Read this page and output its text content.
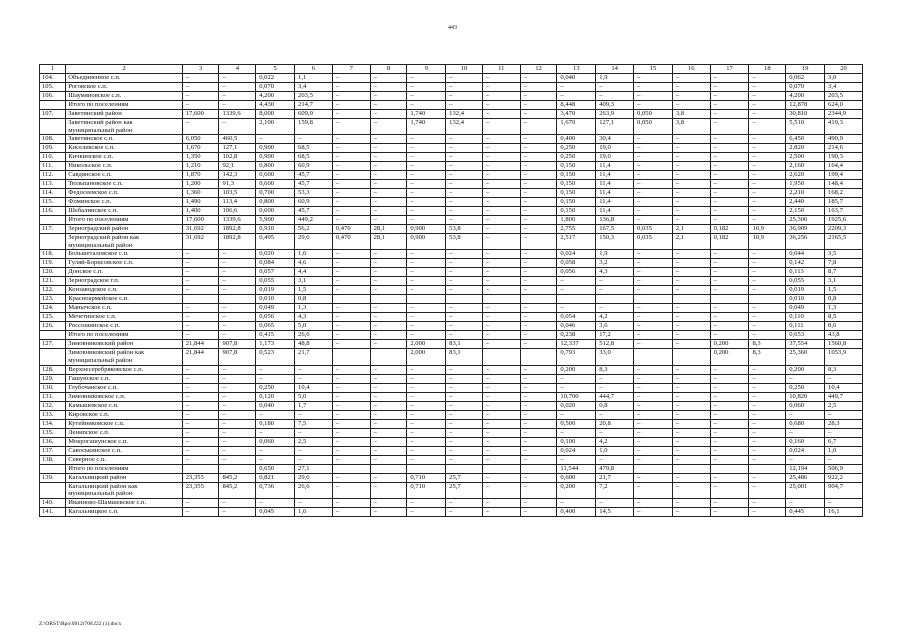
443
1	2	3	4	5	6	7	8	9	10	11	12	13	14	15	16	17	18	19	20
104.	Объединенное с.п.	–	–	0,022	1,1	–	–	–	–	–	–	0,040	1,9	–	–	–	–	0,062	3,0
105.	Роговское с.п.	–	–	0,070	3,4	–	–	–	–	–	–	–	–	–	–	–	–	0,070	3,4
106.	Шаумяновское с.п.	–	–	4,200	203,5	–	–	–	–	–	–	–	–	–	–	–	–	4,200	203,5
	Итого по поселениям	–	–	4,430	214,7	–	–	–	–	–	–	8,448	409,3	–	–	–	–	12,878	624,0
107.	Заветинский район	17,600	1339,6	8,000	609,0	–	–	1,740	132,4	–	–	3,470	263,9	0,050	3,8	–	–	30,810	2344,9
	Заветинский район как муниципальный район	–	–	2,100	159,8	–	–	1,740	132,4	–	–	1,670	127,1	0,050	3,8	–	–	5,510	419,3
108.	Заветинское с.п.	6,050	460,5	–	–	–	–	–	–	–	–	0,400	30,4	–	–	–	–	6,450	490,9
109.	Киселевское с.п.	1,670	127,1	0,900	68,5	–	–	–	–	–	–	0,250	19,0	–	–	–	–	2,820	214,6
110.	Кичкинское с.п.	1,350	102,8	0,900	68,5	–	–	–	–	–	–	0,250	19,0	–	–	–	–	2,500	190,3
111.	Никольское с.п.	1,210	92,1	0,800	60,9	–	–	–	–	–	–	0,150	11,4	–	–	–	–	2,160	164,4
112.	Савдянское с.п.	1,870	142,3	0,600	45,7	–	–	–	–	–	–	0,150	11,4	–	–	–	–	2,620	199,4
113.	Тюльпановское с.п.	1,200	91,3	0,600	45,7	–	–	–	–	–	–	0,150	11,4	–	–	–	–	1,950	148,4
114.	Федосеевское с.п.	1,360	103,5	0,700	53,3	–	–	–	–	–	–	0,150	11,4	–	–	–	–	2,210	168,2
115.	Фоминское с.п.	1,490	113,4	0,800	60,9	–	–	–	–	–	–	0,150	11,4	–	–	–	–	2,440	185,7
116.	Шебалинское с.п.	1,400	106,6	0,600	45,7	–	–	–	–	–	–	0,150	11,4	–	–	–	–	2,150	163,7
	Итого по поселениям	17,600	1339,6	5,900	449,2	–	–	–	–	–	–	1,800	136,8	–	–	–	–	25,300	1925,6
117.	Зерноградский район	31,692	1892,8	0,910	56,2	0,470	28,1	0,900	53,8	–	–	2,755	167,5	0,035	2,1	0,182	10,9	36,909	2209,3
	Зерноградский район как муниципальный район	31,692	1892,8	0,495	29,6	0,470	28,1	0,900	53,8	–	–	2,517	150,3	0,035	2,1	0,182	10,9	36,256	2165,5
118.	Большеталовское с.п.	–	–	0,020	1,6	–	–	–	–	–	–	0,024	1,9	–	–	–	–	0,044	3,5
119.	Гуляй-Борисовское с.п.	–	–	0,084	4,6	–	–	–	–	–	–	0,058	3,2	–	–	–	–	0,142	7,8
120.	Донское с.п.	–	–	0,057	4,4	–	–	–	–	–	–	0,056	4,3	–	–	–	–	0,113	8,7
121.	Зерноградское г.п.	–	–	0,055	3,1	–	–	–	–	–	–	–	–	–	–	–	–	0,055	3,1
122.	Конзаводское с.п.	–	–	0,019	1,5	–	–	–	–	–	–	–	–	–	–	–	–	0,019	1,5
123.	Красноармейское с.п.			0,010	0,8													0,010	0,8
124.	Манычское с.п.	–	–	0,049	1,3	–	–	–	–	–	–	–	–	–	–	–	–	0,049	1,3
125.	Мечетинское с.п.	–	–	0,056	4,3	–	–	–	–	–	–	0,054	4,2	–	–	–	–	0,110	8,5
126.	Россошинское с.п.	–	–	0,065	5,0	–	–	–	–	–	–	0,046	3,6	–	–	–	–	0,111	8,6
	Итого по поселениям	–	–	0,415	26,6	–	–	–	–	–	–	0,238	17,2	–	–	–	–	0,653	43,8
127.	Зимовниковский район	21,844	907,8	1,173	48,8	–	–	2,000	83,1	–	–	12,337	512,8	–	–	0,200	8,3	37,554	1560,8
	Зимовниковский район как муниципальный район	21,844	907,8	0,523	21,7			2,000	83,1			0,793	33,0			0,200	8,3	25,360	1053,9
128.	Верхнесеребряковское с.п.	–	–	–	–	–	–	–	–	–	–	0,200	8,3	–	–	–	–	0,200	8,3
129.	Гашунское с.п.	–	–	–	–	–	–	–	–	–	–	–	–	–	–	–	–	–	–
130.	Глубочанское с.п.	–	–	0,250	10,4	–	–	–	–	–	–	–	–	–	–	–	–	0,250	10,4
131.	Зимовниковское с.п.	–	–	0,120	5,0	–	–	–	–	–	–	10,700	444,7	–	–	–	–	10,820	449,7
132.	Камышевское с.п.	–	–	0,040	1,7	–	–	–	–	–	–	0,020	0,8	–	–	–	–	0,060	2,5
133.	Кировское с.п.	–	–	–	–	–	–	–	–	–	–	–	–	–	–	–	–	–	–
134.	Кутейниковское с.п.	–	–	0,180	7,5	–	–	–	–	–	–	0,500	20,8	–	–	–	–	0,680	28,3
135.	Лениnское с.п.	–	–	–	–	–	–	–	–	–	–	–	–	–	–	–	–	–	–
136.	Мокрогашунское с.п.	–	–	0,060	2,5	–	–	–	–	–	–	0,100	4,2	–	–	–	–	0,160	6,7
137.	Савоськинское с.п.	–	–	–	–	–	–	–	–	–	–	0,024	1,0	–	–	–	–	0,024	1,0
138.	Северное с.п.	–	–	–	–	–	–	–	–	–	–	–	–	–	–	–	–	–	–
	Итого по поселениям			0,650	27,1							11,544	479,8					12,194	506,9
139.	Кагальницкий район	23,355	845,2	0,821	29,6	–	–	0,710	25,7	–	–	0,600	21,7	–	–	–	–	25,486	922,2
	Кагальницкий район как муниципальный район	23,355	845,2	0,736	26,6	–	–	0,710	25,7	–	–	0,200	7,2	–	–	–	–	25,001	904,7
140.	Иванново-Шамшевское с.п.	–	–	–	–	–	–	–	–	–	–	–	–	–	–	–	–	–	–
141.	Кагальницкое с.п.	–	–	0,045	1,6	–	–	–	–	–	–	0,400	14,5	–	–	–	–	0,445	16,1
Z:\ORST\Rpo\0912r708.f22 (1).docx
